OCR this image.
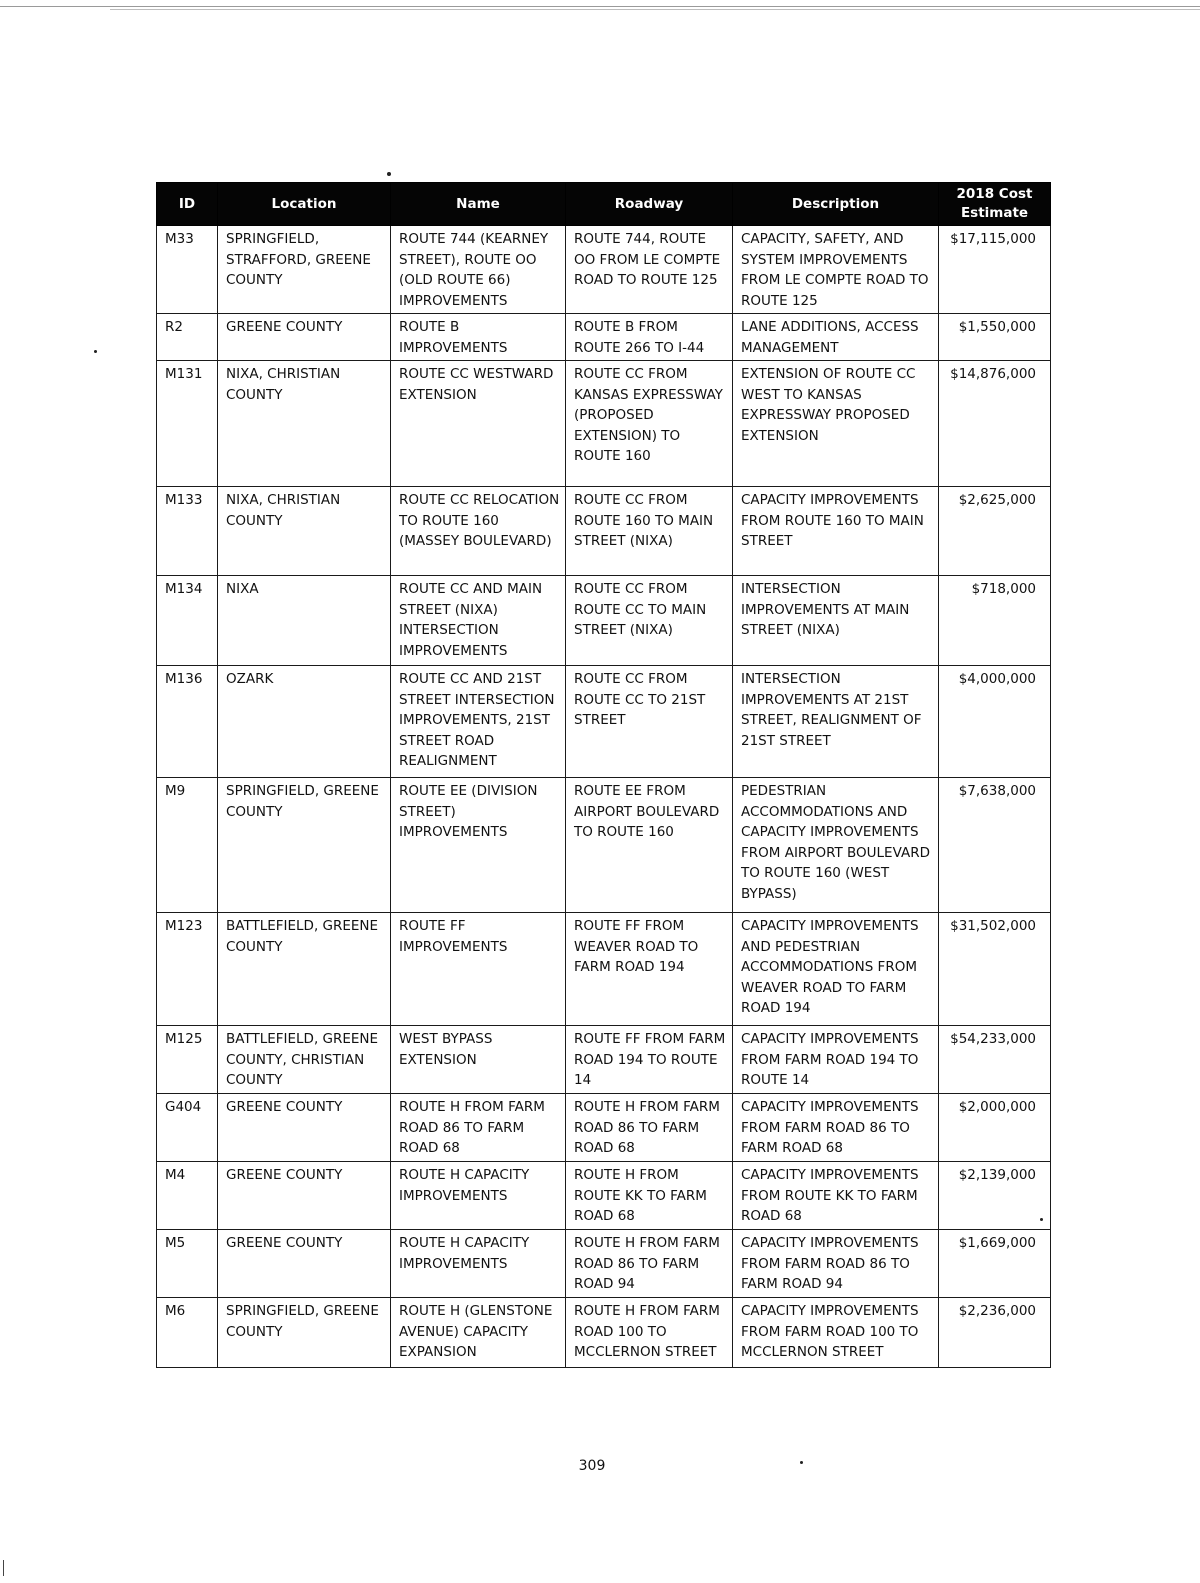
ID	Location	Name	Roadway	Description	2018 Cost Estimate
M33	SPRINGFIELD, STRAFFORD, GREENE COUNTY	ROUTE 744 (KEARNEY STREET), ROUTE OO (OLD ROUTE 66) IMPROVEMENTS	ROUTE 744, ROUTE OO FROM LE COMPTE ROAD TO ROUTE 125	CAPACITY, SAFETY, AND SYSTEM IMPROVEMENTS FROM LE COMPTE ROAD TO ROUTE 125	$17,115,000
R2	GREENE COUNTY	ROUTE B IMPROVEMENTS	ROUTE B FROM ROUTE 266 TO I-44	LANE ADDITIONS, ACCESS MANAGEMENT	$1,550,000
M131	NIXA, CHRISTIAN COUNTY	ROUTE CC WESTWARD EXTENSION	ROUTE CC FROM KANSAS EXPRESSWAY (PROPOSED EXTENSION) TO ROUTE 160	EXTENSION OF ROUTE CC WEST TO KANSAS EXPRESSWAY PROPOSED EXTENSION	$14,876,000
M133	NIXA, CHRISTIAN COUNTY	ROUTE CC RELOCATION TO ROUTE 160 (MASSEY BOULEVARD)	ROUTE CC FROM ROUTE 160 TO MAIN STREET (NIXA)	CAPACITY IMPROVEMENTS FROM ROUTE 160 TO MAIN STREET	$2,625,000
M134	NIXA	ROUTE CC AND MAIN STREET (NIXA) INTERSECTION IMPROVEMENTS	ROUTE CC FROM ROUTE CC TO MAIN STREET (NIXA)	INTERSECTION IMPROVEMENTS AT MAIN STREET (NIXA)	$718,000
M136	OZARK	ROUTE CC AND 21ST STREET INTERSECTION IMPROVEMENTS, 21ST STREET ROAD REALIGNMENT	ROUTE CC FROM ROUTE CC TO 21ST STREET	INTERSECTION IMPROVEMENTS AT 21ST STREET, REALIGNMENT OF 21ST STREET	$4,000,000
M9	SPRINGFIELD, GREENE COUNTY	ROUTE EE (DIVISION STREET) IMPROVEMENTS	ROUTE EE FROM AIRPORT BOULEVARD TO ROUTE 160	PEDESTRIAN ACCOMMODATIONS AND CAPACITY IMPROVEMENTS FROM AIRPORT BOULEVARD TO ROUTE 160 (WEST BYPASS)	$7,638,000
M123	BATTLEFIELD, GREENE COUNTY	ROUTE FF IMPROVEMENTS	ROUTE FF FROM WEAVER ROAD TO FARM ROAD 194	CAPACITY IMPROVEMENTS AND PEDESTRIAN ACCOMMODATIONS FROM WEAVER ROAD TO FARM ROAD 194	$31,502,000
M125	BATTLEFIELD, GREENE COUNTY, CHRISTIAN COUNTY	WEST BYPASS EXTENSION	ROUTE FF FROM FARM ROAD 194 TO ROUTE 14	CAPACITY IMPROVEMENTS FROM FARM ROAD 194 TO ROUTE 14	$54,233,000
G404	GREENE COUNTY	ROUTE H FROM FARM ROAD 86 TO FARM ROAD 68	ROUTE H FROM FARM ROAD 86 TO FARM ROAD 68	CAPACITY IMPROVEMENTS FROM FARM ROAD 86 TO FARM ROAD 68	$2,000,000
M4	GREENE COUNTY	ROUTE H CAPACITY IMPROVEMENTS	ROUTE H FROM ROUTE KK TO FARM ROAD 68	CAPACITY IMPROVEMENTS FROM ROUTE KK TO FARM ROAD 68	$2,139,000
M5	GREENE COUNTY	ROUTE H CAPACITY IMPROVEMENTS	ROUTE H FROM FARM ROAD 86 TO FARM ROAD 94	CAPACITY IMPROVEMENTS FROM FARM ROAD 86 TO FARM ROAD 94	$1,669,000
M6	SPRINGFIELD, GREENE COUNTY	ROUTE H (GLENSTONE AVENUE) CAPACITY EXPANSION	ROUTE H FROM FARM ROAD 100 TO MCCLERNON STREET	CAPACITY IMPROVEMENTS FROM FARM ROAD 100 TO MCCLERNON STREET	$2,236,000
309
